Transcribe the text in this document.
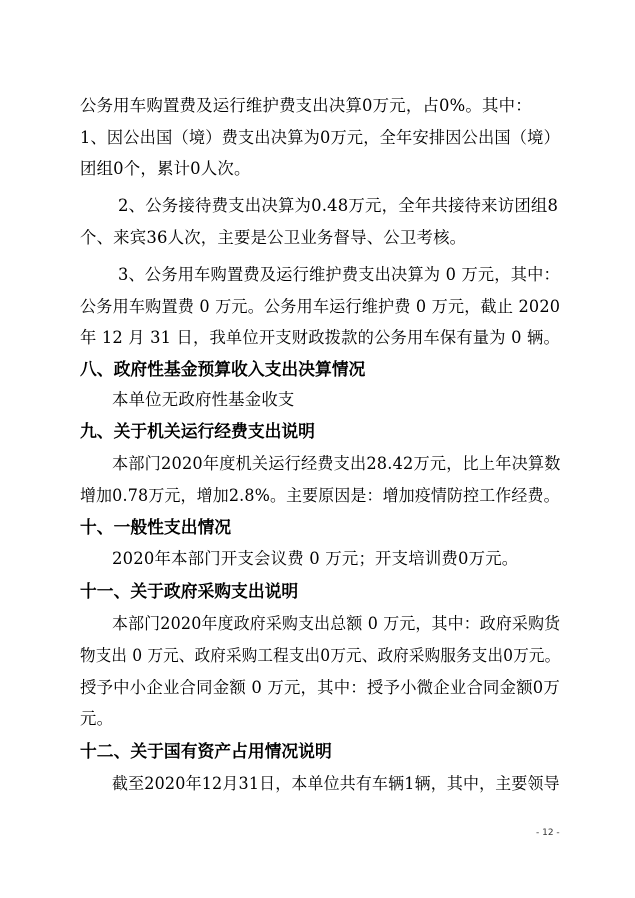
公务用车购置费及运行维护费支出决算0万元，占0%。其中：
1、因公出国（境）费支出决算为0万元，全年安排因公出国（境）
团组0个，累计0人次。
2、公务接待费支出决算为0.48万元，全年共接待来访团组8
个、来宾36人次，主要是公卫业务督导、公卫考核。
3、公务用车购置费及运行维护费支出决算为 0 万元，其中：
公务用车购置费 0 万元。公务用车运行维护费 0 万元，截止 2020
年 12 月 31 日，我单位开支财政拨款的公务用车保有量为 0 辆。
八、政府性基金预算收入支出决算情况
本单位无政府性基金收支
九、关于机关运行经费支出说明
本部门2020年度机关运行经费支出28.42万元，比上年决算数
增加0.78万元，增加2.8%。主要原因是：增加疫情防控工作经费。
十、一般性支出情况
2020年本部门开支会议费 0 万元；开支培训费0万元。
十一、关于政府采购支出说明
本部门2020年度政府采购支出总额 0 万元，其中：政府采购货
物支出 0 万元、政府采购工程支出0万元、政府采购服务支出0万元。
授予中小企业合同金额 0 万元，其中：授予小微企业合同金额0万
元。
十二、关于国有资产占用情况说明
截至2020年12月31日，本单位共有车辆1辆，其中，主要领导
- 12 -
